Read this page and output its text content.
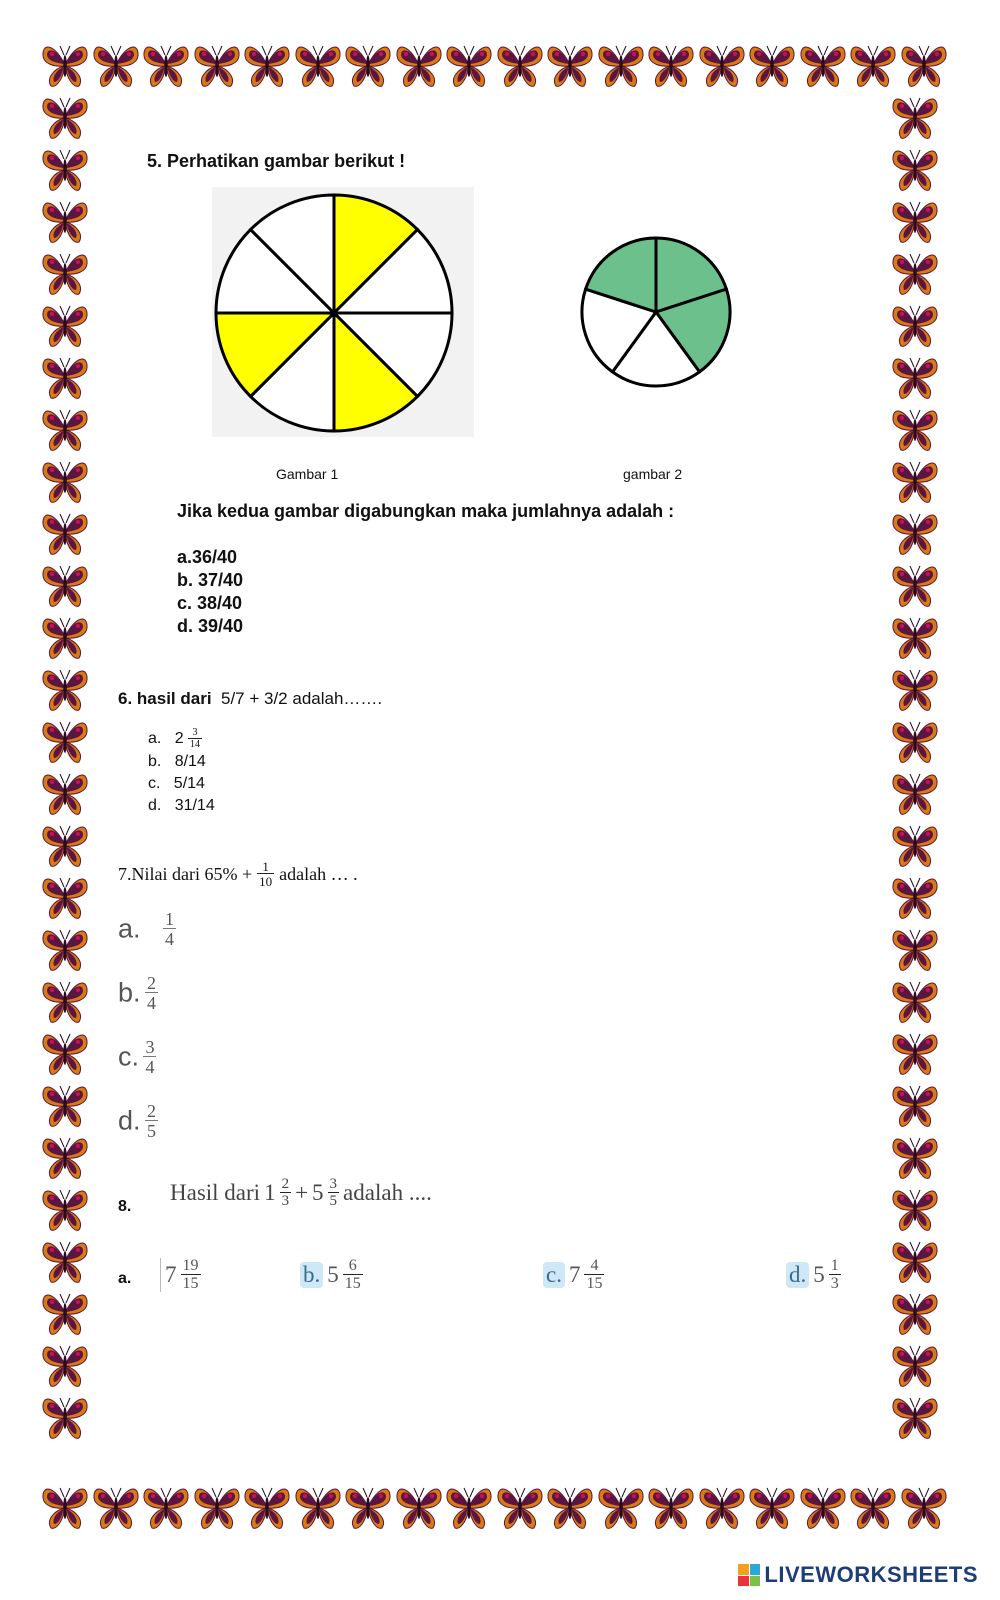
5. Perhatikan gambar berikut !
Gambar 1	gambar 2
Jika kedua gambar digabungkan maka jumlahnya adalah :
a.36/40
b. 37/40
c. 38/40
d. 39/40
6. hasil dari 5/7 + 3/2 adalah…….
a. $2 \frac{3}{14}$
b. 8/14
c. 5/14
d. 31/14
7.Nilai dari $65\% + \frac{1}{10}$ adalah … .
a. $\frac{1}{4}$
b. $\frac{2}{4}$
c. $\frac{3}{4}$
d. $\frac{2}{5}$
8.
Hasil dari $1 \frac{2}{3} + 5 \frac{3}{5}$ adalah ....
a. $7 \frac{19}{15}$	b. $5 \frac{6}{15}$	c. $7 \frac{4}{15}$	d. $5 \frac{1}{3}$
LIVEWORKSHEETS
